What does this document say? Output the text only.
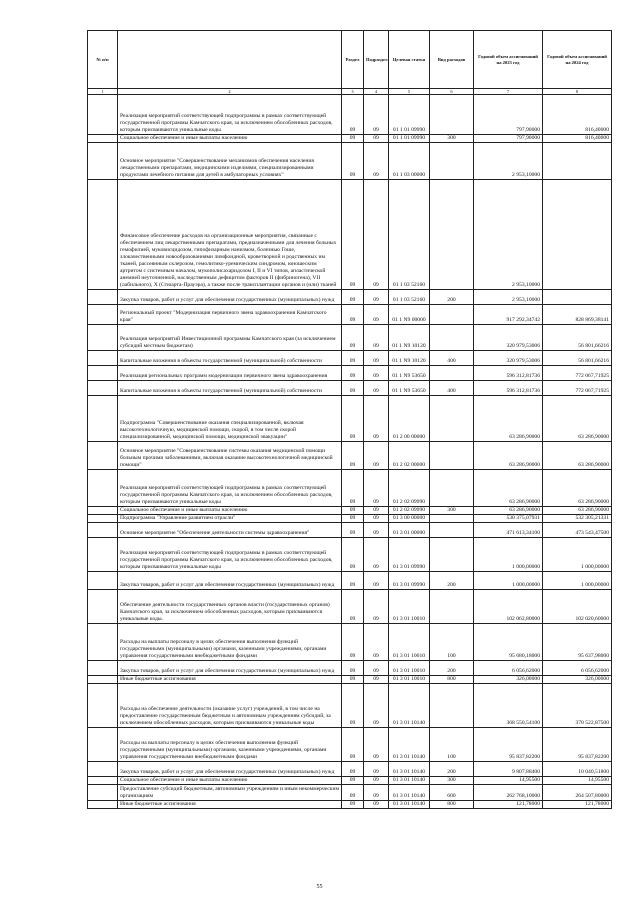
№ п/п		Раздел	Подраздел	Целевая статья	Вид расходов	Годовой объем ассигнований на 2023 год	Годовой объем ассигнований на 2024 год
1	2	3	4	5	6	7	8
	Реализация мероприятий соответствующей подпрограммы в рамках соответствующей государственной программы Камчатского края, за исключением обособленных расходов, которым присваиваются уникальные коды	09	09	01 1 01 09990		797,90000	816,40000
	Социальное обеспечение и иные выплаты населению	09	09	01 1 01 09990	300	797,90000	816,40000
	Основное мероприятие "Совершенствование механизмов обеспечения населения лекарственными препаратами, медицинскими изделиями, специализированными продуктами лечебного питания для детей в амбулаторных условиях"	09	09	01 1 03 00000		2 953,10000	
	Финансовое обеспечение расходов на организационные мероприятия, связанные с обеспечением лиц лекарственными препаратами, предназначенными для лечения больных гемофилией, муковисцидозом, гипофизарным нанизмом, болезнью Гоше, злокачественными новообразованиями лимфоидной, кроветворной и родственных им тканей, рассеянным склерозом, гемолитико-уремическим синдромом, юношеским артритом с системным началом, мукополисахаридозом I, II и VI типов, апластической анемией неуточненной, наследственным дефицитом факторов II (фибриногена), VII (лабильного), X (Стюарта-Прауэра), а также после трансплантации органов и (или) тканей	09	09	01 1 03 52160		2 953,10000	
	Закупка товаров, работ и услуг для обеспечения государственных (муниципальных) нужд	09	09	01 1 03 52160	200	2 953,10000	
	Региональный проект "Модернизация первичного звена здравоохранения Камчатского края"	09	09	01 1 N9 00000		917 292,34742	828 869,38141
	Реализация мероприятий Инвестиционной программы Камчатского края (за исключением субсидий местным бюджетам)	09	09	01 1 N9 10120		320 979,53006	56 801,66216
	Капитальные вложения в объекты государственной (муниципальной) собственности	09	09	01 1 N9 10120	400	320 979,53006	56 801,66216
	Реализация региональных программ модернизации первичного звена здравоохранения	09	09	01 1 N9 53650		596 312,81736	772 067,71925
	Капитальные вложения в объекты государственной (муниципальной) собственности	09	09	01 1 N9 53650	400	596 312,81736	772 067,71925
	Подпрограмма "Совершенствование оказания специализированной, включая высокотехнологичную, медицинской помощи, скорой, в том числе скорой специализированной, медицинской помощи, медицинской эвакуации"	09	09	01 2 00 00000		63 286,90000	63 286,90000
	Основное мероприятие "Совершенствование системы оказания медицинской помощи больным прочими заболеваниями, включая оказание высокотехнологичной медицинской помощи"	09	09	01 2 02 00000		63 286,90000	63 286,90000
	Реализация мероприятий соответствующей подпрограммы в рамках соответствующей государственной программы Камчатского края, за исключением обособленных расходов, которым присваиваются уникальные коды	09	09	01 2 02 09990		63 286,90000	63 286,90000
	Социальное обеспечение и иные выплаты населению	09	09	01 2 02 09990	300	63 286,90000	63 286,90000
	Подпрограмма "Управление развитием отрасли"	09	09	01 3 00 00000		530 375,07931	532 305,21331
	Основное мероприятие "Обеспечение деятельности системы здравоохранения"	09	09	01 3 01 00000		471 613,34100	473 543,47500
	Реализация мероприятий соответствующей подпрограммы в рамках соответствующей государственной программы Камчатского края, за исключением обособленных расходов, которым присваиваются уникальные коды	09	09	01 3 01 09990		1 000,00000	1 000,00000
	Закупка товаров, работ и услуг для обеспечения государственных (муниципальных) нужд	09	09	01 3 01 09990	200	1 000,00000	1 000,00000
	Обеспечение деятельности государственных органов власти (государственных органов) Камчатского края, за исключением обособленных расходов, которым присваиваются уникальные коды.	09	09	01 3 01 10010		102 062,80000	102 020,60000
	Расходы на выплаты персоналу в целях обеспечения выполнения функций государственными (муниципальными) органами, казенными учреждениями, органами управления государственными внебюджетными фондами	09	09	01 3 01 10010	100	95 680,18000	95 637,98000
	Закупка товаров, работ и услуг для обеспечения государственных (муниципальных) нужд	09	09	01 3 01 10010	200	6 056,62000	6 056,62000
	Иные бюджетные ассигнования	09	09	01 3 01 10010	800	326,00000	326,00000
	Расходы на обеспечение деятельности (оказание услуг) учреждений, в том числе на предоставление государственным бюджетным и автономным учреждениям субсидий, за исключением обособленных расходов, которым присваиваются уникальные коды	09	09	01 3 01 10140		368 550,54100	370 522,87500
	Расходы на выплаты персоналу в целях обеспечения выполнения функций государственными (муниципальными) органами, казенными учреждениями, органами управления государственными внебюджетными фондами	09	09	01 3 01 10140	100	95 837,82200	95 837,82200
	Закупка товаров, работ и услуг для обеспечения государственных (муниципальных) нужд	09	09	01 3 01 10140	200	9 807,88400	10 040,51800
	Социальное обеспечение и иные выплаты населению	09	09	01 3 01 10140	300	14,95500	14,95500
	Предоставление субсидий бюджетным, автономным учреждениям и иным некоммерческим организациям	09	09	01 3 01 10140	600	262 768,10000	264 507,80000
	Иные бюджетные ассигнования	09	09	01 3 01 10140	800	121,78000	121,78000
55
